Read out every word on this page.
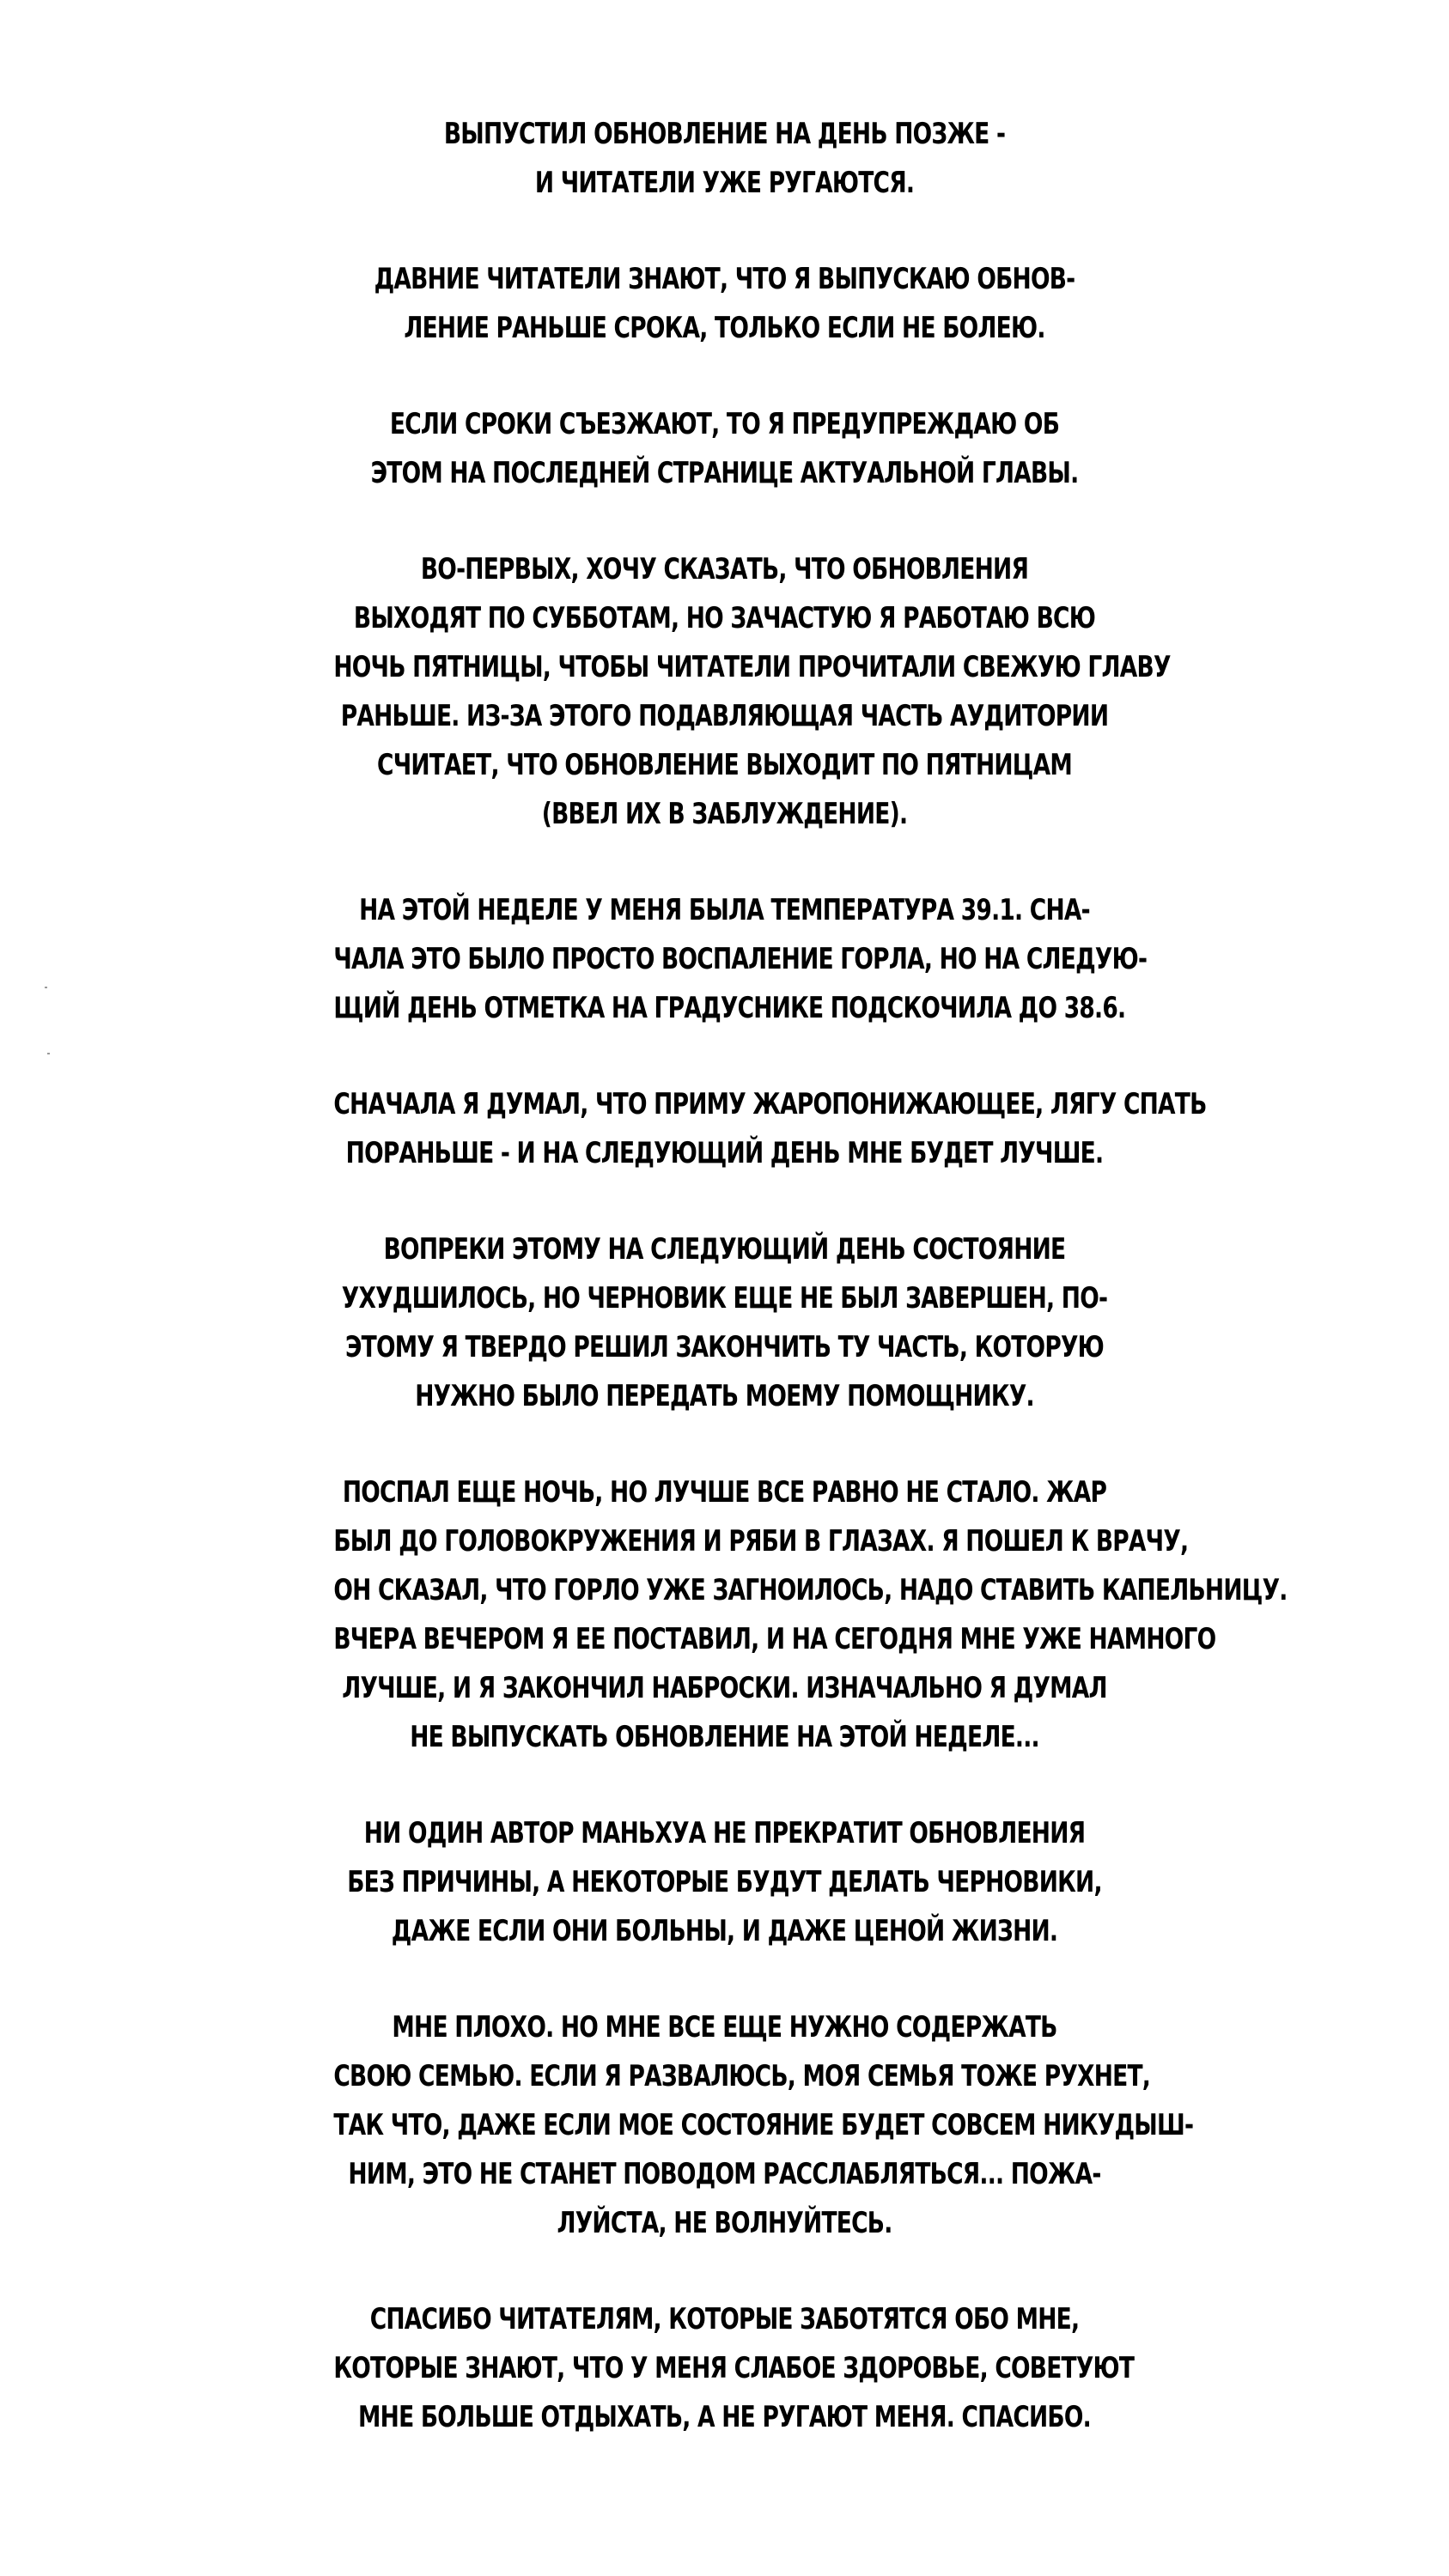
ВЫПУСТИЛ ОБНОВЛЕНИЕ НА ДЕНЬ ПОЗЖЕ -
И ЧИТАТЕЛИ УЖЕ РУГАЮТСЯ.

ДАВНИЕ ЧИТАТЕЛИ ЗНАЮТ, ЧТО Я ВЫПУСКАЮ ОБНОВ-
ЛЕНИЕ РАНЬШЕ СРОКА, ТОЛЬКО ЕСЛИ НЕ БОЛЕЮ.

ЕСЛИ СРОКИ СЪЕЗЖАЮТ, ТО Я ПРЕДУПРЕЖДАЮ ОБ
ЭТОМ НА ПОСЛЕДНЕЙ СТРАНИЦЕ АКТУАЛЬНОЙ ГЛАВЫ.

ВО-ПЕРВЫХ, ХОЧУ СКАЗАТЬ, ЧТО ОБНОВЛЕНИЯ
ВЫХОДЯТ ПО СУББОТАМ, НО ЗАЧАСТУЮ Я РАБОТАЮ ВСЮ
НОЧЬ ПЯТНИЦЫ, ЧТОБЫ ЧИТАТЕЛИ ПРОЧИТАЛИ СВЕЖУЮ ГЛАВУ
РАНЬШЕ. ИЗ-ЗА ЭТОГО ПОДАВЛЯЮЩАЯ ЧАСТЬ АУДИТОРИИ
СЧИТАЕТ, ЧТО ОБНОВЛЕНИЕ ВЫХОДИТ ПО ПЯТНИЦАМ
(ВВЕЛ ИХ В ЗАБЛУЖДЕНИЕ).

НА ЭТОЙ НЕДЕЛЕ У МЕНЯ БЫЛА ТЕМПЕРАТУРА 39.1. СНА-
ЧАЛА ЭТО БЫЛО ПРОСТО ВОСПАЛЕНИЕ ГОРЛА, НО НА СЛЕДУЮ-
ЩИЙ ДЕНЬ ОТМЕТКА НА ГРАДУСНИКЕ ПОДСКОЧИЛА ДО 38.6.

СНАЧАЛА Я ДУМАЛ, ЧТО ПРИМУ ЖАРОПОНИЖАЮЩЕЕ, ЛЯГУ СПАТЬ
ПОРАНЬШЕ - И НА СЛЕДУЮЩИЙ ДЕНЬ МНЕ БУДЕТ ЛУЧШЕ.

ВОПРЕКИ ЭТОМУ НА СЛЕДУЮЩИЙ ДЕНЬ СОСТОЯНИЕ
УХУДШИЛОСЬ, НО ЧЕРНОВИК ЕЩЕ НЕ БЫЛ ЗАВЕРШЕН, ПО-
ЭТОМУ Я ТВЕРДО РЕШИЛ ЗАКОНЧИТЬ ТУ ЧАСТЬ, КОТОРУЮ
НУЖНО БЫЛО ПЕРЕДАТЬ МОЕМУ ПОМОЩНИКУ.

ПОСПАЛ ЕЩЕ НОЧЬ, НО ЛУЧШЕ ВСЕ РАВНО НЕ СТАЛО. ЖАР
БЫЛ ДО ГОЛОВОКРУЖЕНИЯ И РЯБИ В ГЛАЗАХ. Я ПОШЕЛ К ВРАЧУ,
ОН СКАЗАЛ, ЧТО ГОРЛО УЖЕ ЗАГНОИЛОСЬ, НАДО СТАВИТЬ КАПЕЛЬНИЦУ.
ВЧЕРА ВЕЧЕРОМ Я ЕЕ ПОСТАВИЛ, И НА СЕГОДНЯ МНЕ УЖЕ НАМНОГО
ЛУЧШЕ, И Я ЗАКОНЧИЛ НАБРОСКИ. ИЗНАЧАЛЬНО Я ДУМАЛ
НЕ ВЫПУСКАТЬ ОБНОВЛЕНИЕ НА ЭТОЙ НЕДЕЛЕ...

НИ ОДИН АВТОР МАНЬХУА НЕ ПРЕКРАТИТ ОБНОВЛЕНИЯ
БЕЗ ПРИЧИНЫ, А НЕКОТОРЫЕ БУДУТ ДЕЛАТЬ ЧЕРНОВИКИ,
ДАЖЕ ЕСЛИ ОНИ БОЛЬНЫ, И ДАЖЕ ЦЕНОЙ ЖИЗНИ.

МНЕ ПЛОХО. НО МНЕ ВСЕ ЕЩЕ НУЖНО СОДЕРЖАТЬ
СВОЮ СЕМЬЮ. ЕСЛИ Я РАЗВАЛЮСЬ, МОЯ СЕМЬЯ ТОЖЕ РУХНЕТ,
ТАК ЧТО, ДАЖЕ ЕСЛИ МОЕ СОСТОЯНИЕ БУДЕТ СОВСЕМ НИКУДЫШ-
НИМ, ЭТО НЕ СТАНЕТ ПОВОДОМ РАССЛАБЛЯТЬСЯ... ПОЖА-
ЛУЙСТА, НЕ ВОЛНУЙТЕСЬ.

СПАСИБО ЧИТАТЕЛЯМ, КОТОРЫЕ ЗАБОТЯТСЯ ОБО МНЕ,
КОТОРЫЕ ЗНАЮТ, ЧТО У МЕНЯ СЛАБОЕ ЗДОРОВЬЕ, СОВЕТУЮТ
МНЕ БОЛЬШЕ ОТДЫХАТЬ, А НЕ РУГАЮТ МЕНЯ. СПАСИБО.
